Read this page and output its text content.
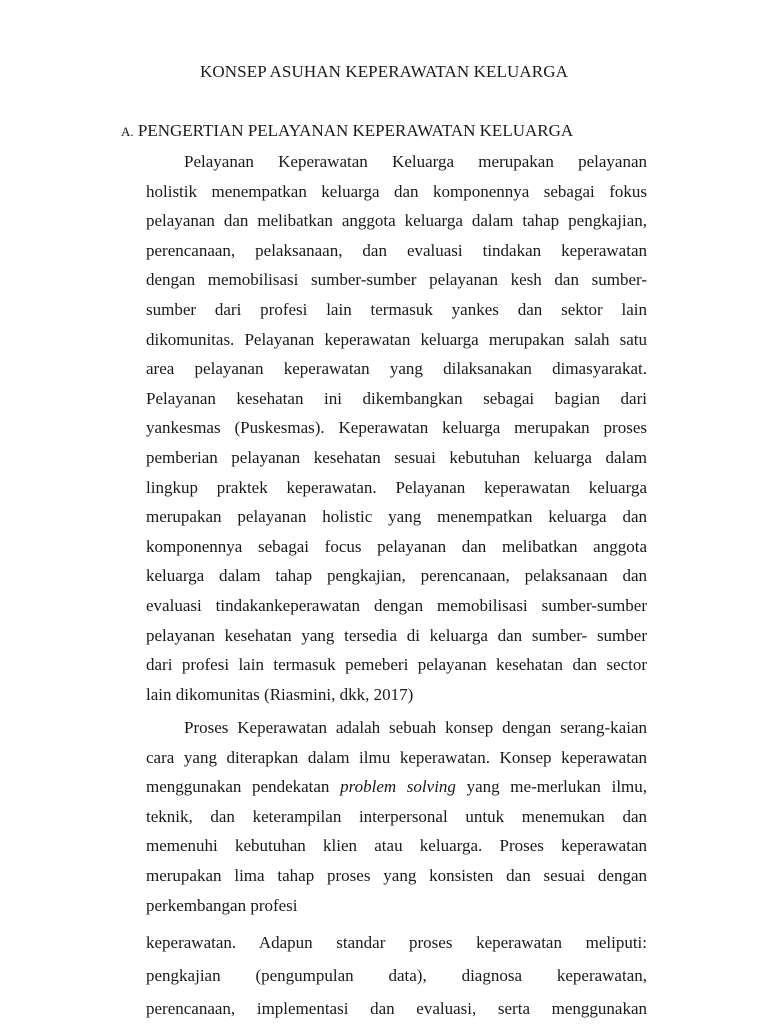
KONSEP ASUHAN KEPERAWATAN KELUARGA
A. PENGERTIAN PELAYANAN KEPERAWATAN KELUARGA
Pelayanan Keperawatan Keluarga merupakan pelayanan
holistik menempatkan keluarga dan komponennya sebagai fokus
pelayanan dan melibatkan anggota keluarga dalam tahap pengkajian,
perencanaan, pelaksanaan, dan evaluasi tindakan keperawatan
dengan memobilisasi sumber-sumber pelayanan kesh dan sumber-
sumber dari profesi lain termasuk yankes dan sektor lain
dikomunitas. Pelayanan keperawatan keluarga merupakan salah satu
area pelayanan keperawatan yang dilaksanakan dimasyarakat.
Pelayanan kesehatan ini dikembangkan sebagai bagian dari
yankesmas (Puskesmas). Keperawatan keluarga merupakan proses
pemberian pelayanan kesehatan sesuai kebutuhan keluarga dalam
lingkup praktek keperawatan. Pelayanan keperawatan keluarga
merupakan pelayanan holistic yang menempatkan keluarga dan
komponennya sebagai focus pelayanan dan melibatkan anggota
keluarga dalam tahap pengkajian, perencanaan, pelaksanaan dan
evaluasi tindakankeperawatan dengan memobilisasi sumber-sumber
pelayanan kesehatan yang tersedia di keluarga dan sumber- sumber
dari profesi lain termasuk pemeberi pelayanan kesehatan dan sector
lain dikomunitas (Riasmini, dkk, 2017)
Proses Keperawatan adalah sebuah konsep dengan serang-kaian
cara yang diterapkan dalam ilmu keperawatan. Konsep keperawatan
menggunakan pendekatan problem solving yang me-merlukan ilmu,
teknik, dan keterampilan interpersonal untuk menemukan dan
memenuhi kebutuhan klien atau keluarga. Proses keperawatan
merupakan lima tahap proses yang konsisten dan sesuai dengan
perkembangan profesi
keperawatan. Adapun standar proses keperawatan meliputi:
pengkajian (pengumpulan data), diagnosa keperawatan,
perencanaan, implementasi dan evaluasi, serta menggunakan
